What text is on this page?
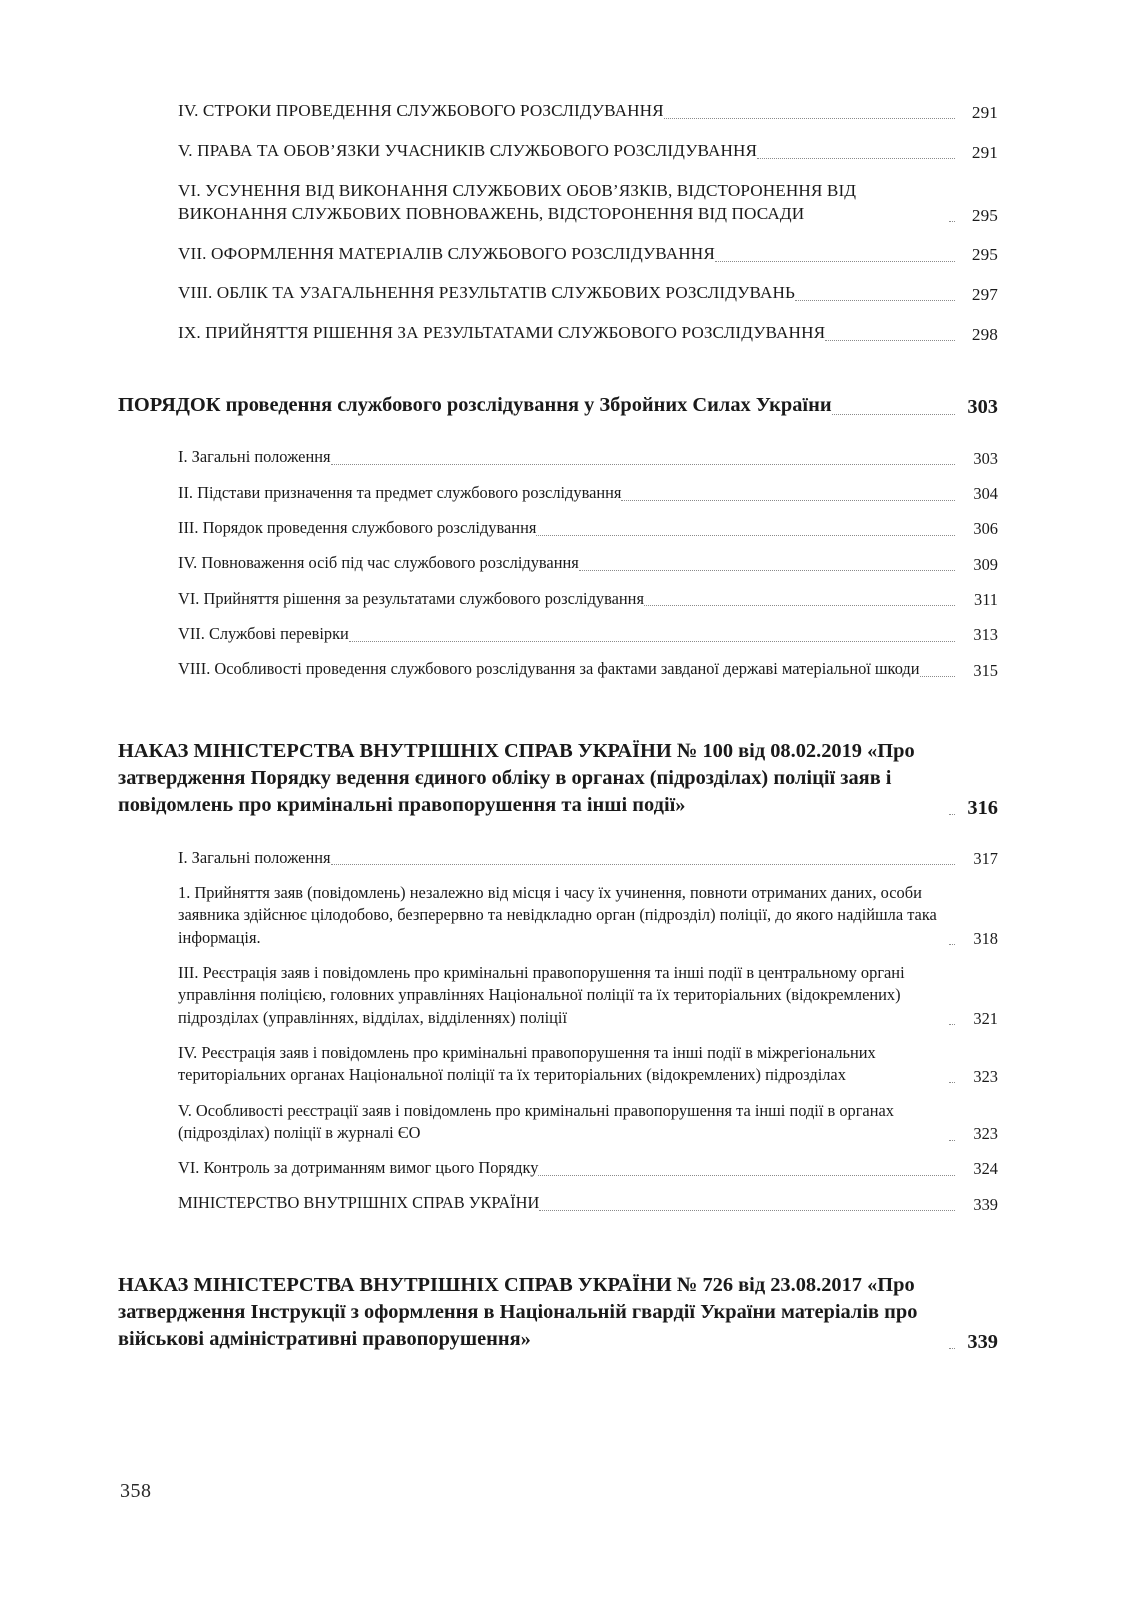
IV. СТРОКИ ПРОВЕДЕННЯ СЛУЖБОВОГО РОЗСЛІДУВАННЯ	291
V. ПРАВА ТА ОБОВ’ЯЗКИ УЧАСНИКІВ СЛУЖБОВОГО РОЗСЛІДУВАННЯ	291
VI. УСУНЕННЯ ВІД ВИКОНАННЯ СЛУЖБОВИХ ОБОВ’ЯЗКІВ, ВІДСТОРОНЕННЯ ВІД ВИКОНАННЯ СЛУЖБОВИХ ПОВНОВАЖЕНЬ, ВІДСТОРОНЕННЯ ВІД ПОСАДИ	295
VII. ОФОРМЛЕННЯ МАТЕРІАЛІВ СЛУЖБОВОГО РОЗСЛІДУВАННЯ	295
VIII. ОБЛІК ТА УЗАГАЛЬНЕННЯ РЕЗУЛЬТАТІВ СЛУЖБОВИХ РОЗСЛІДУВАНЬ	297
IX. ПРИЙНЯТТЯ РІШЕННЯ ЗА РЕЗУЛЬТАТАМИ СЛУЖБОВОГО РОЗСЛІДУВАННЯ	298
ПОРЯДОК проведення службового розслідування у Збройних Силах України	303
I. Загальні положення	303
II. Підстави призначення та предмет службового розслідування	304
III. Порядок проведення службового розслідування	306
IV. Повноваження осіб під час службового розслідування	309
VI. Прийняття рішення за результатами службового розслідування	311
VII. Службові перевірки	313
VIII. Особливості проведення службового розслідування за фактами завданої державі матеріальної шкоди	315
НАКАЗ МІНІСТЕРСТВА ВНУТРІШНІХ СПРАВ УКРАЇНИ № 100 від 08.02.2019 «Про затвердження Порядку ведення єдиного обліку в органах (підрозділах) поліції заяв і повідомлень про кримінальні правопорушення та інші події»	316
I. Загальні положення	317
1. Прийняття заяв (повідомлень) незалежно від місця і часу їх учинення, повноти отриманих даних, особи заявника здійснює цілодобово, безперервно та невідкладно орган (підрозділ) поліції, до якого надійшла така інформація.	318
III. Реєстрація заяв і повідомлень про кримінальні правопорушення та інші події в центральному органі управління поліцією, головних управліннях Національної поліції та їх територіальних (відокремлених) підрозділах (управліннях, відділах, відділеннях) поліції	321
IV. Реєстрація заяв і повідомлень про кримінальні правопорушення та інші події в міжрегіональних територіальних органах Національної поліції та їх територіальних (відокремлених) підрозділах	323
V. Особливості реєстрації заяв і повідомлень про кримінальні правопорушення та інші події в органах (підрозділах) поліції в журналі ЄО	323
VI. Контроль за дотриманням вимог цього Порядку	324
МІНІСТЕРСТВО ВНУТРІШНІХ СПРАВ УКРАЇНИ	339
НАКАЗ МІНІСТЕРСТВА ВНУТРІШНІХ СПРАВ УКРАЇНИ № 726 від 23.08.2017 «Про затвердження Інструкції з оформлення в Національній гвардії України матеріалів про військові адміністративні правопорушення»	339
358
